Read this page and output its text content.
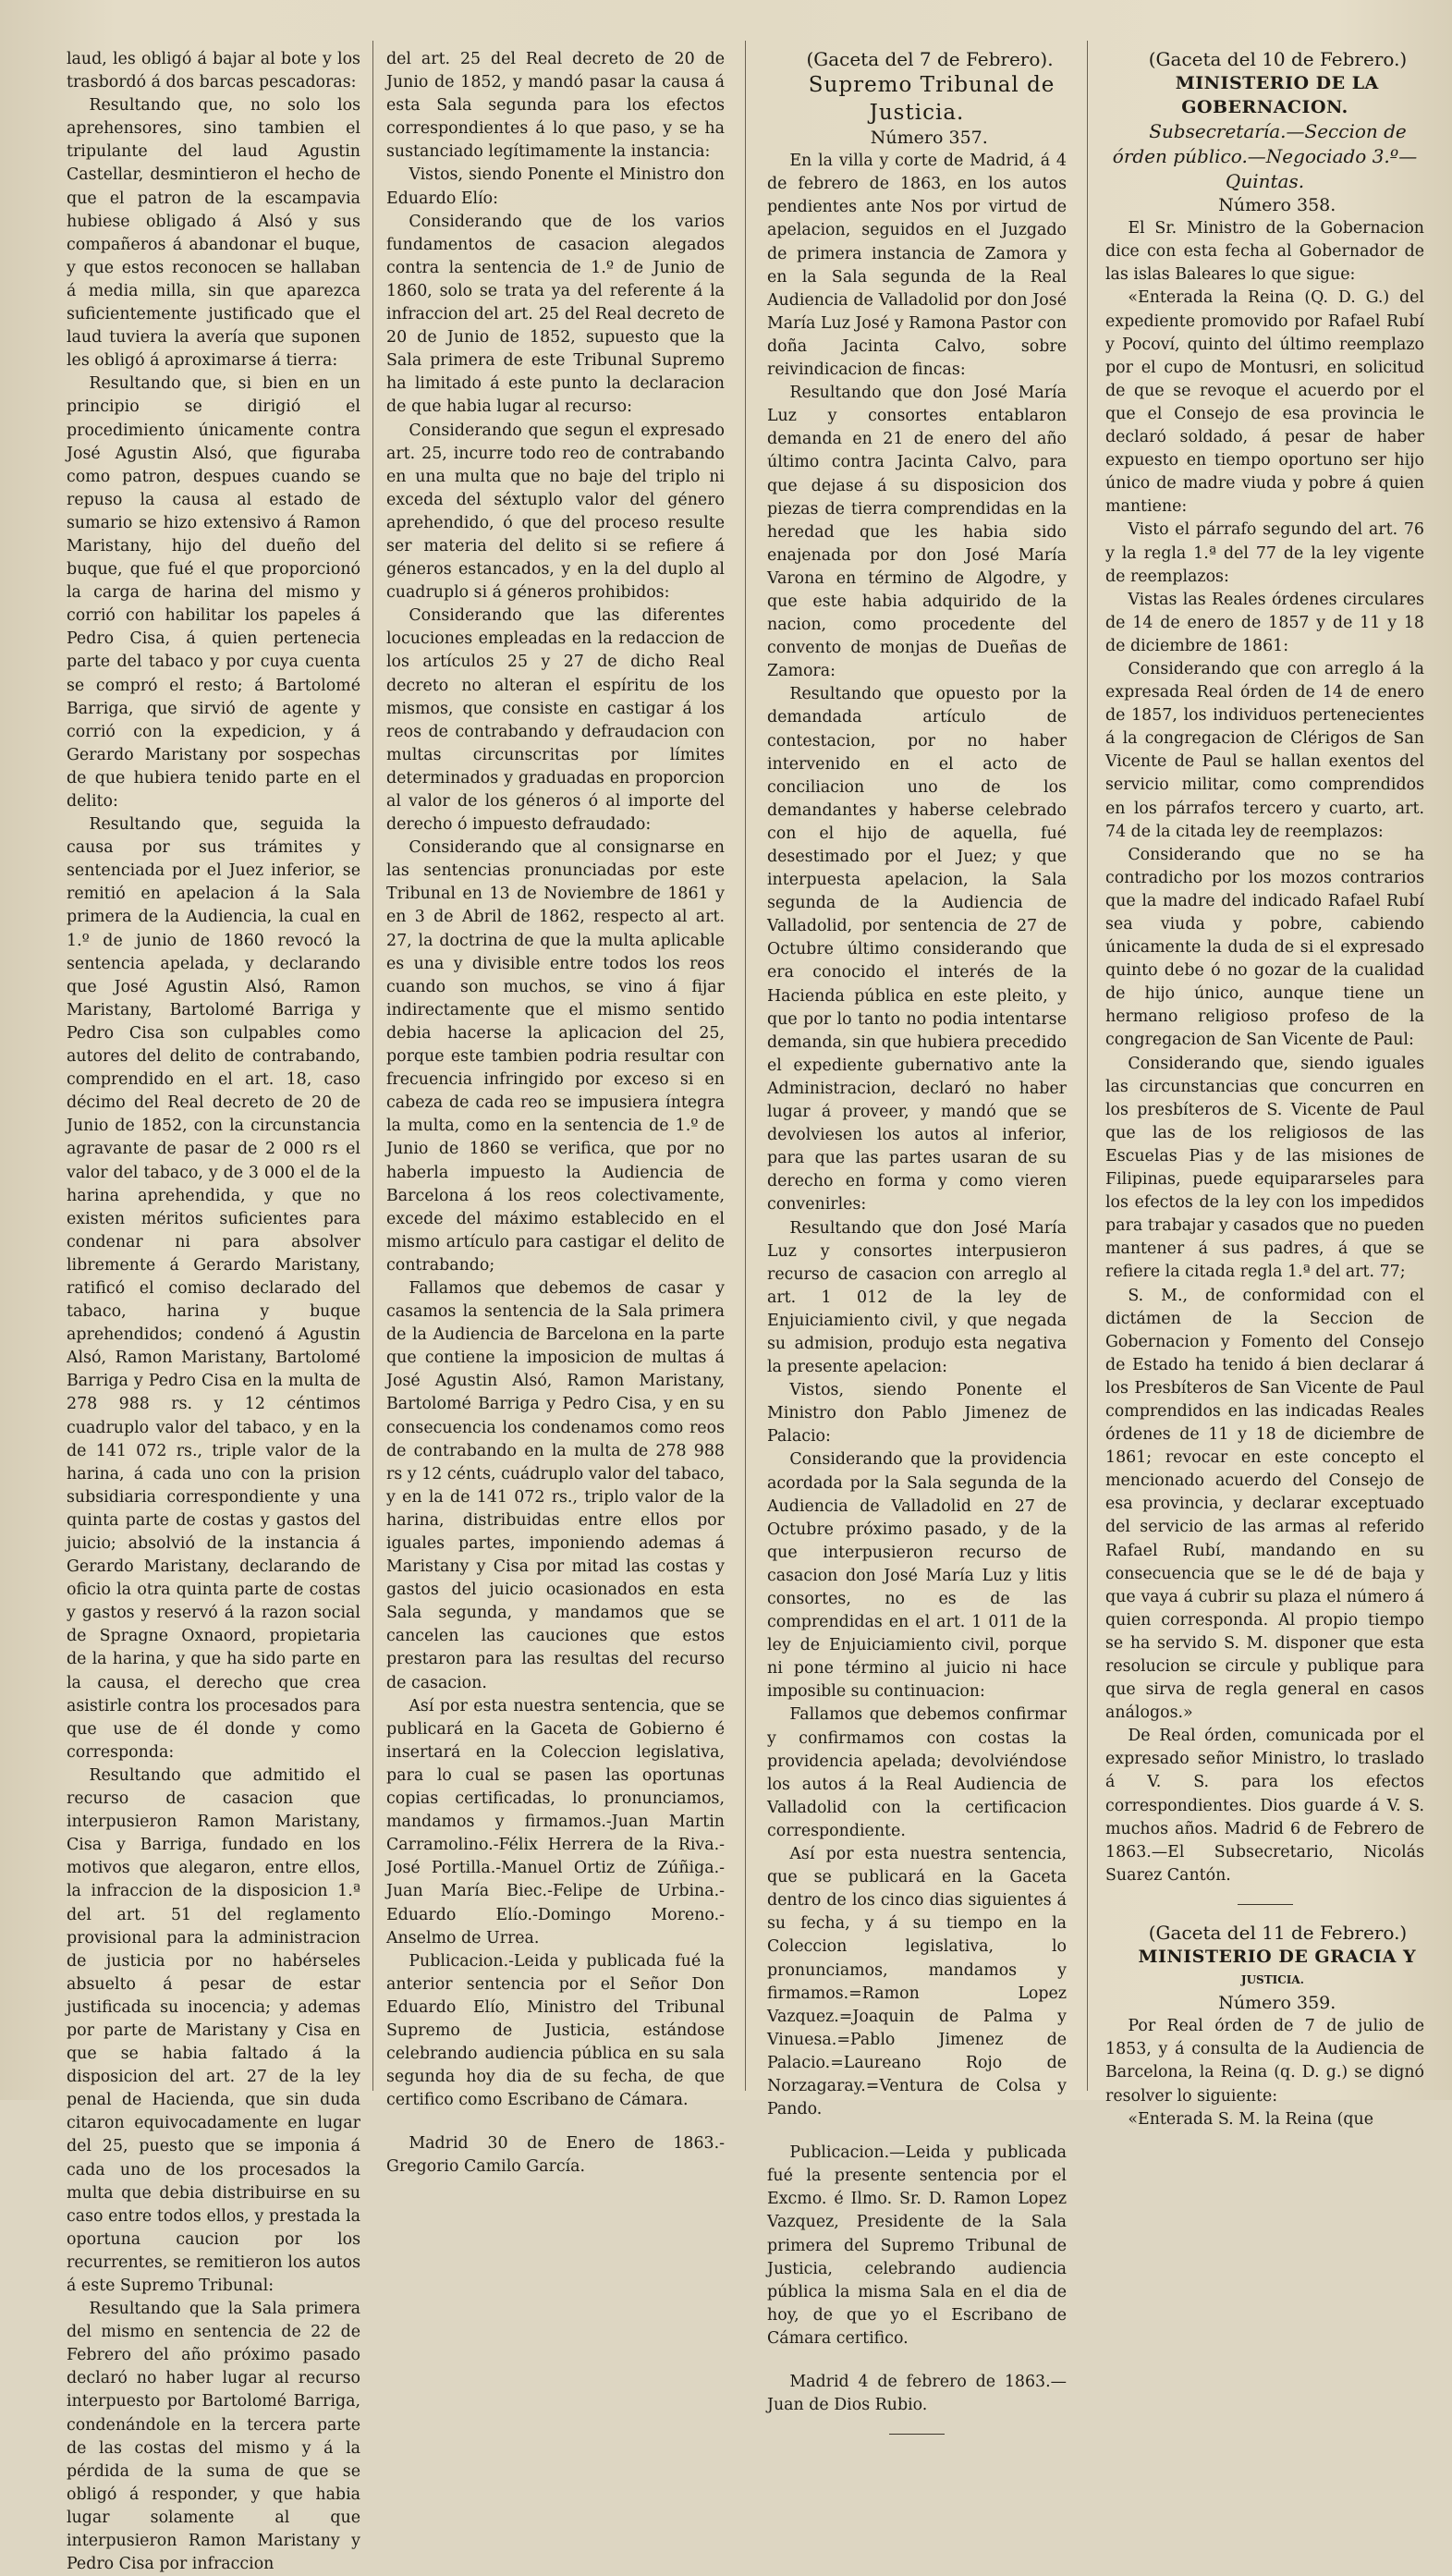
laud, les obligó á bajar al bote y los trasbordó á dos barcas pescadoras:

Resultando que, no solo los aprehensores, sino tambien el tripulante del laud Agustin Castellar, desmintieron el hecho de que el patron de la escampavia hubiese obligado á Alsó y sus compañeros á abandonar el buque, y que estos reconocen se hallaban á media milla, sin que aparezca suficientemente justificado que el laud tuviera la avería que suponen les obligó á aproximarse á tierra:

Resultando que, si bien en un principio se dirigió el procedimiento únicamente contra José Agustin Alsó, que figuraba como patron, despues cuando se repuso la causa al estado de sumario se hizo extensivo á Ramon Maristany, hijo del dueño del buque, que fué el que proporcionó la carga de harina del mismo y corrió con habilitar los papeles á Pedro Cisa, á quien pertenecia parte del tabaco y por cuya cuenta se compró el resto; á Bartolomé Barriga, que sirvió de agente y corrió con la expedicion, y á Gerardo Maristany por sospechas de que hubiera tenido parte en el delito:

Resultando que, seguida la causa por sus trámites y sentenciada por el Juez inferior, se remitió en apelacion á la Sala primera de la Audiencia, la cual en 1.º de junio de 1860 revocó la sentencia apelada, y declarando que José Agustin Alsó, Ramon Maristany, Bartolomé Barriga y Pedro Cisa son culpables como autores del delito de contrabando, comprendido en el art. 18, caso décimo del Real decreto de 20 de Junio de 1852, con la circunstancia agravante de pasar de 2 000 rs el valor del tabaco, y de 3 000 el de la harina aprehendida, y que no existen méritos suficientes para condenar ni para absolver libremente á Gerardo Maristany, ratificó el comiso declarado del tabaco, harina y buque aprehendidos; condenó á Agustin Alsó, Ramon Maristany, Bartolomé Barriga y Pedro Cisa en la multa de 278 988 rs. y 12 céntimos cuadruplo valor del tabaco, y en la de 141 072 rs., triple valor de la harina, á cada uno con la prision subsidiaria correspondiente y una quinta parte de costas y gastos del juicio; absolvió de la instancia á Gerardo Maristany, declarando de oficio la otra quinta parte de costas y gastos y reservó á la razon social de Spragne Oxnaord, propietaria de la harina, y que ha sido parte en la causa, el derecho que crea asistirle contra los procesados para que use de él donde y como corresponda:

Resultando que admitido el recurso de casacion que interpusieron Ramon Maristany, Cisa y Barriga, fundado en los motivos que alegaron, entre ellos, la infraccion de la disposicion 1.ª del art. 51 del reglamento provisional para la administracion de justicia por no habérseles absuelto á pesar de estar justificada su inocencia; y ademas por parte de Maristany y Cisa en que se habia faltado á la disposicion del art. 27 de la ley penal de Hacienda, que sin duda citaron equivocadamente en lugar del 25, puesto que se imponia á cada uno de los procesados la multa que debia distribuirse en su caso entre todos ellos, y prestada la oportuna caucion por los recurrentes, se remitieron los autos á este Supremo Tribunal:

Resultando que la Sala primera del mismo en sentencia de 22 de Febrero del año próximo pasado declaró no haber lugar al recurso interpuesto por Bartolomé Barriga, condenándole en la tercera parte de las costas del mismo y á la pérdida de la suma de que se obligó á responder, y que habia lugar solamente al que interpusieron Ramon Maristany y Pedro Cisa por infraccion

del art. 25 del Real decreto de 20 de Junio de 1852, y mandó pasar la causa á esta Sala segunda para los efectos correspondientes á lo que paso, y se ha sustanciado legítimamente la instancia:

Vistos, siendo Ponente el Ministro don Eduardo Elío:

Considerando que de los varios fundamentos de casacion alegados contra la sentencia de 1.º de Junio de 1860, solo se trata ya del referente á la infraccion del art. 25 del Real decreto de 20 de Junio de 1852, supuesto que la Sala primera de este Tribunal Supremo ha limitado á este punto la declaracion de que habia lugar al recurso:

Considerando que segun el expresado art. 25, incurre todo reo de contrabando en una multa que no baje del triplo ni exceda del séxtuplo valor del género aprehendido, ó que del proceso resulte ser materia del delito si se refiere á géneros estancados, y en la del duplo al cuadruplo si á géneros prohibidos:

Considerando que las diferentes locuciones empleadas en la redaccion de los artículos 25 y 27 de dicho Real decreto no alteran el espíritu de los mismos, que consiste en castigar á los reos de contrabando y defraudacion con multas circunscritas por límites determinados y graduadas en proporcion al valor de los géneros ó al importe del derecho ó impuesto defraudado:

Considerando que al consignarse en las sentencias pronunciadas por este Tribunal en 13 de Noviembre de 1861 y en 3 de Abril de 1862, respecto al art. 27, la doctrina de que la multa aplicable es una y divisible entre todos los reos cuando son muchos, se vino á fijar indirectamente que el mismo sentido debia hacerse la aplicacion del 25, porque este tambien podria resultar con frecuencia infringido por exceso si en cabeza de cada reo se impusiera íntegra la multa, como en la sentencia de 1.º de Junio de 1860 se verifica, que por no haberla impuesto la Audiencia de Barcelona á los reos colectivamente, excede del máximo establecido en el mismo artículo para castigar el delito de contrabando;

Fallamos que debemos de casar y casamos la sentencia de la Sala primera de la Audiencia de Barcelona en la parte que contiene la imposicion de multas á José Agustin Alsó, Ramon Maristany, Bartolomé Barriga y Pedro Cisa, y en su consecuencia los condenamos como reos de contrabando en la multa de 278 988 rs y 12 cénts, cuádruplo valor del tabaco, y en la de 141 072 rs., triplo valor de la harina, distribuidas entre ellos por iguales partes, imponiendo ademas á Maristany y Cisa por mitad las costas y gastos del juicio ocasionados en esta Sala segunda, y mandamos que se cancelen las cauciones que estos prestaron para las resultas del recurso de casacion.

Así por esta nuestra sentencia, que se publicará en la Gaceta de Gobierno é insertará en la Coleccion legislativa, para lo cual se pasen las oportunas copias certificadas, lo pronunciamos, mandamos y firmamos.-Juan Martin Carramolino.-Félix Herrera de la Riva.-José Portilla.-Manuel Ortiz de Zúñiga.-Juan María Biec.-Felipe de Urbina.-Eduardo Elío.-Domingo Moreno.-Anselmo de Urrea.

Publicacion.-Leida y publicada fué la anterior sentencia por el Señor Don Eduardo Elío, Ministro del Tribunal Supremo de Justicia, estándose celebrando audiencia pública en su sala segunda hoy dia de su fecha, de que certifico como Escribano de Cámara.

Madrid 30 de Enero de 1863.-Gregorio Camilo García.

(Gaceta del 7 de Febrero).

Supremo Tribunal de Justicia.

Número 357.

En la villa y corte de Madrid, á 4 de febrero de 1863, en los autos pendientes ante Nos por virtud de apelacion, seguidos en el Juzgado de primera instancia de Zamora y en la Sala segunda de la Real Audiencia de Valladolid por don José María Luz José y Ramona Pastor con doña Jacinta Calvo, sobre reivindicacion de fincas:

Resultando que don José María Luz y consortes entablaron demanda en 21 de enero del año último contra Jacinta Calvo, para que dejase á su disposicion dos piezas de tierra comprendidas en la heredad que les habia sido enajenada por don José María Varona en término de Algodre, y que este habia adquirido de la nacion, como procedente del convento de monjas de Dueñas de Zamora:

Resultando que opuesto por la demandada artículo de contestacion, por no haber intervenido en el acto de conciliacion uno de los demandantes y haberse celebrado con el hijo de aquella, fué desestimado por el Juez; y que interpuesta apelacion, la Sala segunda de la Audiencia de Valladolid, por sentencia de 27 de Octubre último considerando que era conocido el interés de la Hacienda pública en este pleito, y que por lo tanto no podia intentarse demanda, sin que hubiera precedido el expediente gubernativo ante la Administracion, declaró no haber lugar á proveer, y mandó que se devolviesen los autos al inferior, para que las partes usaran de su derecho en forma y como vieren convenirles:

Resultando que don José María Luz y consortes interpusieron recurso de casacion con arreglo al art. 1 012 de la ley de Enjuiciamiento civil, y que negada su admision, produjo esta negativa la presente apelacion:

Vistos, siendo Ponente el Ministro don Pablo Jimenez de Palacio:

Considerando que la providencia acordada por la Sala segunda de la Audiencia de Valladolid en 27 de Octubre próximo pasado, y de la que interpusieron recurso de casacion don José María Luz y litis consortes, no es de las comprendidas en el art. 1 011 de la ley de Enjuiciamiento civil, porque ni pone término al juicio ni hace imposible su continuacion:

Fallamos que debemos confirmar y confirmamos con costas la providencia apelada; devolviéndose los autos á la Real Audiencia de Valladolid con la certificacion correspondiente.

Así por esta nuestra sentencia, que se publicará en la Gaceta dentro de los cinco dias siguientes á su fecha, y á su tiempo en la Coleccion legislativa, lo pronunciamos, mandamos y firmamos.=Ramon Lopez Vazquez.=Joaquin de Palma y Vinuesa.=Pablo Jimenez de Palacio.=Laureano Rojo de Norzagaray.=Ventura de Colsa y Pando.

Publicacion.—Leida y publicada fué la presente sentencia por el Excmo. é Ilmo. Sr. D. Ramon Lopez Vazquez, Presidente de la Sala primera del Supremo Tribunal de Justicia, celebrando audiencia pública la misma Sala en el dia de hoy, de que yo el Escribano de Cámara certifico.

Madrid 4 de febrero de 1863.—Juan de Dios Rubio.

(Gaceta del 10 de Febrero.)

MINISTERIO DE LA GOBERNACION.

Subsecretaría.—Seccion de órden público.—Negociado 3.º—Quintas.

Número 358.

El Sr. Ministro de la Gobernacion dice con esta fecha al Gobernador de las islas Baleares lo que sigue:

«Enterada la Reina (Q. D. G.) del expediente promovido por Rafael Rubí y Pocoví, quinto del último reemplazo por el cupo de Montusri, en solicitud de que se revoque el acuerdo por el que el Consejo de esa provincia le declaró soldado, á pesar de haber expuesto en tiempo oportuno ser hijo único de madre viuda y pobre á quien mantiene:

Visto el párrafo segundo del art. 76 y la regla 1.ª del 77 de la ley vigente de reemplazos:

Vistas las Reales órdenes circulares de 14 de enero de 1857 y de 11 y 18 de diciembre de 1861:

Considerando que con arreglo á la expresada Real órden de 14 de enero de 1857, los individuos pertenecientes á la congregacion de Clérigos de San Vicente de Paul se hallan exentos del servicio militar, como comprendidos en los párrafos tercero y cuarto, art. 74 de la citada ley de reemplazos:

Considerando que no se ha contradicho por los mozos contrarios que la madre del indicado Rafael Rubí sea viuda y pobre, cabiendo únicamente la duda de si el expresado quinto debe ó no gozar de la cualidad de hijo único, aunque tiene un hermano religioso profeso de la congregacion de San Vicente de Paul:

Considerando que, siendo iguales las circunstancias que concurren en los presbíteros de S. Vicente de Paul que las de los religiosos de las Escuelas Pias y de las misiones de Filipinas, puede equipararseles para los efectos de la ley con los impedidos para trabajar y casados que no pueden mantener á sus padres, á que se refiere la citada regla 1.ª del art. 77;

S. M., de conformidad con el dictámen de la Seccion de Gobernacion y Fomento del Consejo de Estado ha tenido á bien declarar á los Presbíteros de San Vicente de Paul comprendidos en las indicadas Reales órdenes de 11 y 18 de diciembre de 1861; revocar en este concepto el mencionado acuerdo del Consejo de esa provincia, y declarar exceptuado del servicio de las armas al referido Rafael Rubí, mandando en su consecuencia que se le dé de baja y que vaya á cubrir su plaza el número á quien corresponda. Al propio tiempo se ha servido S. M. disponer que esta resolucion se circule y publique para que sirva de regla general en casos análogos.»

De Real órden, comunicada por el expresado señor Ministro, lo traslado á V. S. para los efectos correspondientes. Dios guarde á V. S. muchos años. Madrid 6 de Febrero de 1863.—El Subsecretario, Nicolás Suarez Cantón.

(Gaceta del 11 de Febrero.)

MINISTERIO DE GRACIA Y

JUSTICIA.

Número 359.

Por Real órden de 7 de julio de 1853, y á consulta de la Audiencia de Barcelona, la Reina (q. D. g.) se dignó resolver lo siguiente:

«Enterada S. M. la Reina (que
